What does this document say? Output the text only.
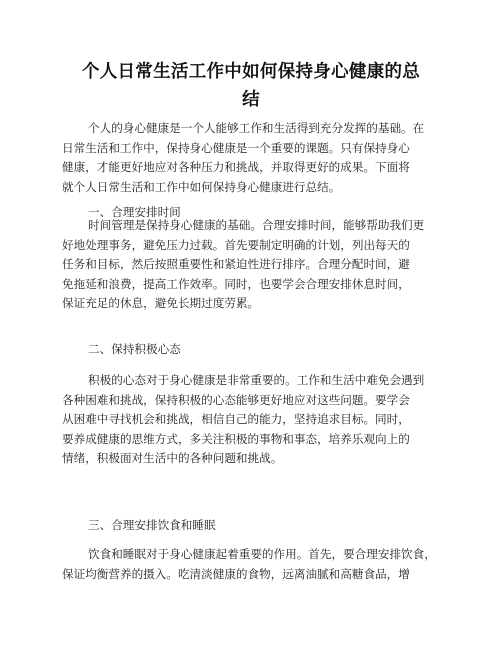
个人日常生活工作中如何保持身心健康的总
结
个人的身心健康是一个人能够工作和生活得到充分发挥的基础。在
日常生活和工作中，保持身心健康是一个重要的课题。只有保持身心
健康，才能更好地应对各种压力和挑战，并取得更好的成果。下面将
就个人日常生活和工作中如何保持身心健康进行总结。
一、合理安排时间
时间管理是保持身心健康的基础。合理安排时间，能够帮助我们更
好地处理事务，避免压力过载。首先要制定明确的计划，列出每天的
任务和目标，然后按照重要性和紧迫性进行排序。合理分配时间，避
免拖延和浪费，提高工作效率。同时，也要学会合理安排休息时间，
保证充足的休息，避免长期过度劳累。
二、保持积极心态
积极的心态对于身心健康是非常重要的。工作和生活中难免会遇到
各种困难和挑战，保持积极的心态能够更好地应对这些问题。要学会
从困难中寻找机会和挑战，相信自己的能力，坚持追求目标。同时，
要养成健康的思维方式，多关注积极的事物和事态，培养乐观向上的
情绪，积极面对生活中的各种问题和挑战。
三、合理安排饮食和睡眠
饮食和睡眠对于身心健康起着重要的作用。首先，要合理安排饮食，
保证均衡营养的摄入。吃清淡健康的食物，远离油腻和高糖食品，增
